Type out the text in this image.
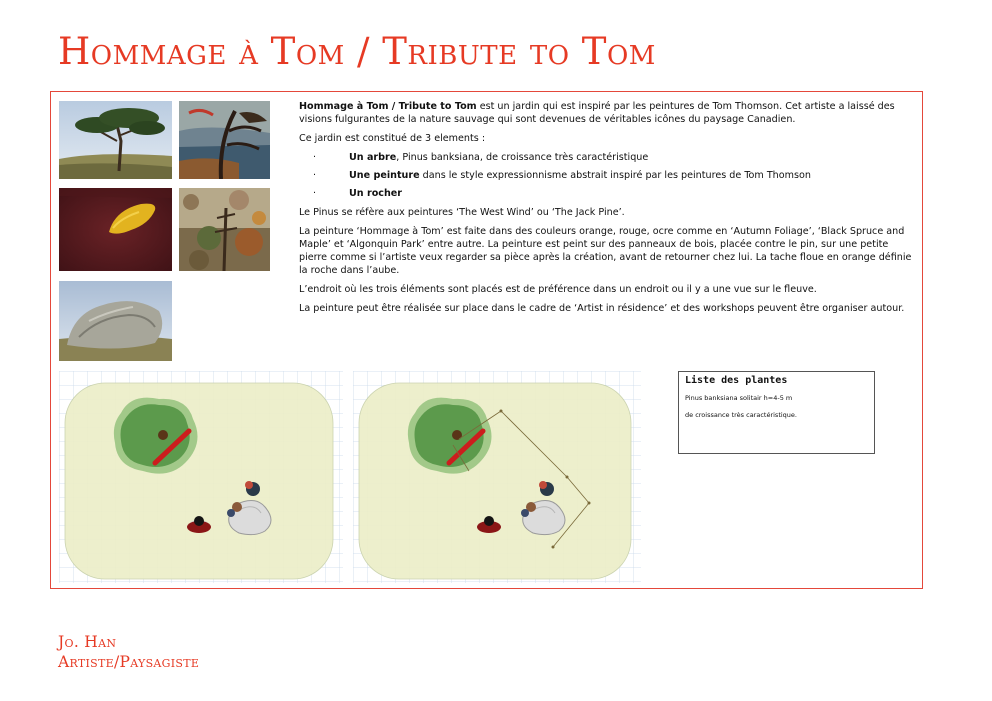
Hommage à Tom / Tribute to Tom

Hommage à Tom / Tribute to Tom est un jardin qui est inspiré par les peintures de Tom Thomson. Cet artiste a laissé des visions fulgurantes de la nature sauvage qui sont devenues de véritables icônes du paysage Canadien.

Ce jardin est constitué de 3 elements :

·	Un arbre, Pinus banksiana, de croissance très caractéristique
·	Une peinture dans le style expressionnisme abstrait inspiré par les peintures de Tom Thomson
·	Un rocher

Le Pinus se réfère aux peintures ‘The West Wind’ ou ‘The Jack Pine’.

La peinture ‘Hommage à Tom’ est faite dans des couleurs orange, rouge, ocre comme en ‘Autumn Foliage’, ‘Black Spruce and Maple’ et ‘Algonquin Park’ entre autre. La peinture est peint sur des panneaux de bois, placée contre le pin, sur une petite pierre comme si l’artiste veux regarder sa pièce après la création, avant de retourner chez lui. La tache floue en orange définie la roche dans l’aube.

L’endroit où les trois éléments sont placés est de préférence dans un endroit ou il y a une vue sur le fleuve.

La peinture peut être réalisée sur place dans le cadre de ‘Artist in résidence’ et des workshops peuvent être organiser autour.

Liste des plantes

Pinus banksiana solitair h=4-5 m

de croissance très caractéristique.

Jo. Han
Artiste/Paysagiste
